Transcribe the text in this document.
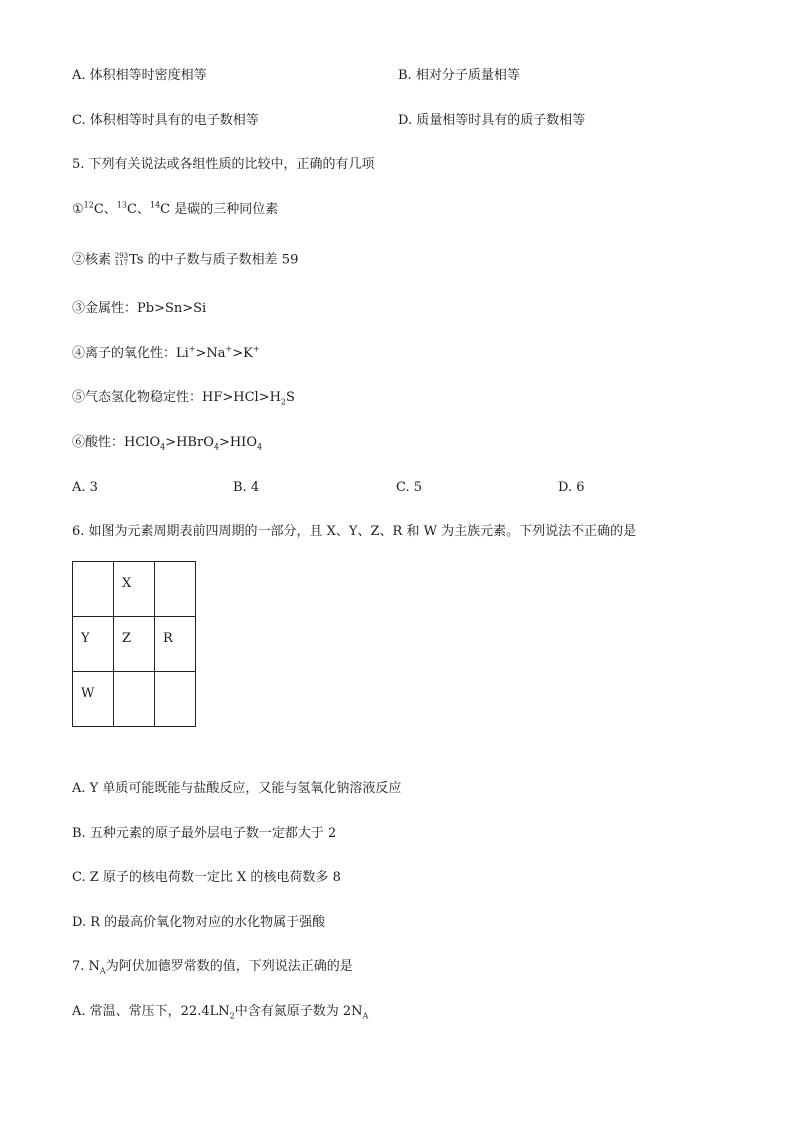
A. 体积相等时密度相等	B. 相对分子质量相等
C. 体积相等时具有的电子数相等	D. 质量相等时具有的质子数相等
5. 下列有关说法或各组性质的比较中，正确的有几项
①$^{12}$C、$^{13}$C、$^{14}$C 是碳的三种同位素
②核素 293
117 Ts 的中子数与质子数相差 59
③金属性：Pb>Sn>Si
④离子的氧化性：Li+>Na+>K+
⑤气态氢化物稳定性：$HF>HCl>H_2S$
⑥酸性：$HClO_4>HBrO_4>HIO_4$
A. 3	B. 4	C. 5	D. 6
6. 如图为元素周期表前四周期的一部分，且 X、Y、Z、R 和 W 为主族元素。下列说法不正确的是

	X	

Y	Z	R

W		

A. Y 单质可能既能与盐酸反应，又能与氢氧化钠溶液反应
B. 五种元素的原子最外层电子数一定都大于 2
C. Z 原子的核电荷数一定比 X 的核电荷数多 8
D. R 的最高价氧化物对应的水化物属于强酸
7. $N_A$为阿伏加德罗常数的值，下列说法正确的是
A. 常温、常压下，$22.4LN_2$中含有氮原子数为 $2N_A$
